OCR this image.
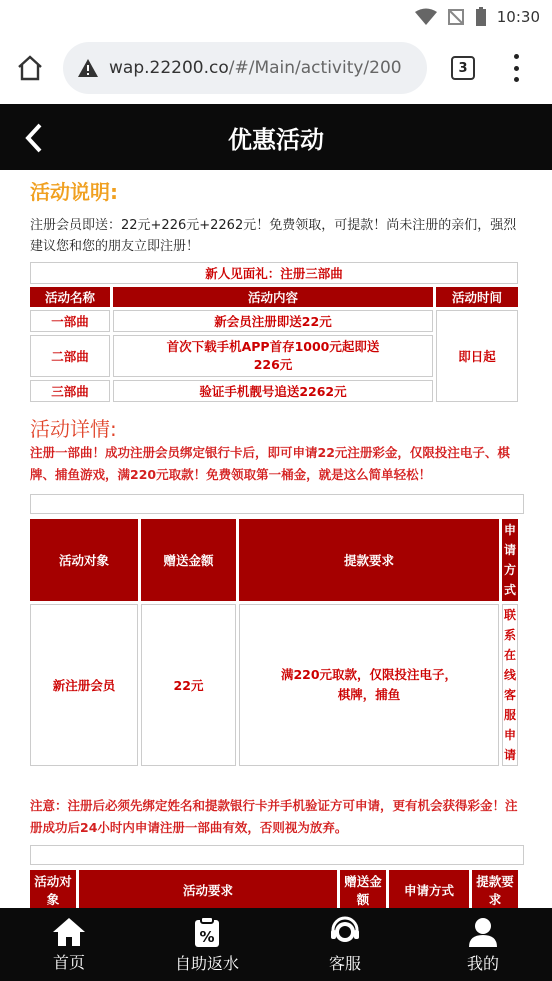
10:30
wap.22200.co /#/Main/activity/200	3
优惠活动
活动说明:
注册会员即送：22元+226元+2262元！免费领取，可提款！尚未注册的亲们，强烈建议您和您的朋友立即注册！
新人见面礼：注册三部曲		
活动名称	活动内容	活动时间
一部曲	新会员注册即送22元	即日起
二部曲	首次下载手机APP首存1000元起即送226元	
三部曲	验证手机靓号追送2262元	
活动详情:
注册一部曲！成功注册会员绑定银行卡后，即可申请22元注册彩金，仅限投注电子、棋牌、捕鱼游戏，满220元取款！免费领取第一桶金，就是这么简单轻松！
活动对象	赠送金额	提款要求	申请方式
新注册会员	22元	满220元取款，仅限投注电子，棋牌，捕鱼	联系在线客服申请
注意：注册后必须先绑定姓名和提款银行卡并手机验证方可申请，更有机会获得彩金！注册成功后24小时内申请注册一部曲有效，否则视为放弃。
活动对象	活动要求	赠送金额	申请方式	提款要求

首页
%
自助返水	客服	我的
